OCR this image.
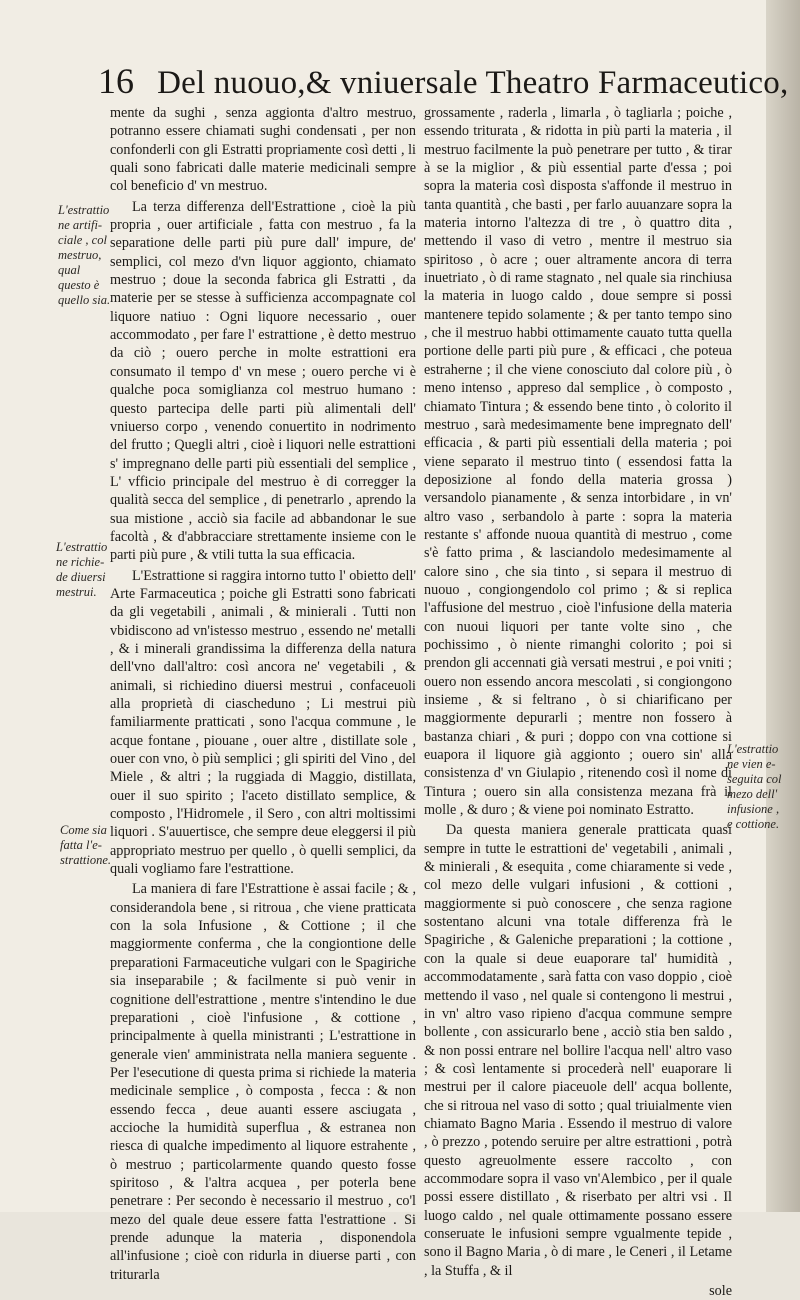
16 Del nuouo,& vniuersale Theatro Farmaceutico,
L'estrattio ne artifi- ciale , col mestruo, qual questo è quello sia.
L'estrattio ne richie- de diuersi mestrui.
Come sia fatta l'e- strattione.
L'estrattio ne vien e- seguita col mezo dell' infusione , e cottione.

mente da sughi , senza aggionta d'altro mestruo, potranno essere chiamati sughi condensati , per non confonderli con gli Estratti propriamente così detti , li quali sono fabricati dalle materie medicinali sempre col beneficio d' vn mestruo.

La terza differenza dell'Estrattione , cioè la più propria , ouer artificiale , fatta con mestruo , fa la separatione delle parti più pure dall' impure, de' semplici, col mezo d'vn liquor aggionto, chiamato mestruo ; doue la seconda fabrica gli Estratti , da materie per se stesse à sufficienza accompagnate col liquore natiuo : Ogni liquore necessario , ouer accommodato , per fare l' estrattione , è detto mestruo da ciò ; ouero perche in molte estrattioni era consumato il tempo d' vn mese ; ouero perche vi è qualche poca somiglianza col mestruo humano : questo partecipa delle parti più alimentali dell' vniuerso corpo , venendo conuertito in nodrimento del frutto ; Quegli altri , cioè i liquori nelle estrattioni s' impregnano delle parti più essentiali del semplice , L' vfficio principale del mestruo è di corregger la qualità secca del semplice , di penetrarlo , aprendo la sua mistione , acciò sia facile ad abbandonar le sue facoltà , & d'abbracciare strettamente insieme con le parti più pure , & vtili tutta la sua efficacia.

L'Estrattione si raggira intorno tutto l' obietto dell' Arte Farmaceutica ; poiche gli Estratti sono fabricati da gli vegetabili , animali , & minierali . Tutti non vbidiscono ad vn'istesso mestruo , essendo ne' metalli , & i minerali grandissima la differenza della natura dell'vno dall'altro: così ancora ne' vegetabili , & animali, si richiedino diuersi mestrui , confaceuoli alla proprietà di ciascheduno ; Li mestrui più familiarmente pratticati , sono l'acqua commune , le acque fontane , piouane , ouer altre , distillate sole , ouer con vno, ò più semplici ; gli spiriti del Vino , del Miele , & altri ; la ruggiada di Maggio, distillata, ouer il suo spirito ; l'aceto distillato semplice, & composto , l'Hidromele , il Sero , con altri moltissimi liquori . S'auuertisce, che sempre deue eleggersi il più appropriato mestruo per quello , ò quelli semplici, da quali vogliamo fare l'estrattione.

La maniera di fare l'Estrattione è assai facile ; & , considerandola bene , si ritroua , che viene pratticata con la sola Infusione , & Cottione ; il che maggiormente conferma , che la congiontione delle preparationi Farmaceutiche vulgari con le Spagiriche sia inseparabile ; & facilmente si può venir in cognitione dell'estrattione , mentre s'intendino le due preparationi , cioè l'infusione , & cottione , principalmente à quella ministranti ; L'estrattione in generale vien' amministrata nella maniera seguente . Per l'esecutione di questa prima si richiede la materia medicinale semplice , ò composta , fecca : & non essendo fecca , deue auanti essere asciugata , accioche la humidità superflua , & estranea non riesca di qualche impedimento al liquore estrahente , ò mestruo ; particolarmente quando questo fosse spiritoso , & l'altra acquea , per poterla bene penetrare : Per secondo è necessario il mestruo , co'l mezo del quale deue essere fatta l'estrattione . Si prende adunque la materia , disponendola all'infusione ; cioè con ridurla in diuerse parti , con triturarla

grossamente , raderla , limarla , ò tagliarla ; poiche , essendo triturata , & ridotta in più parti la materia , il mestruo facilmente la può penetrare per tutto , & tirar à se la miglior , & più essential parte d'essa ; poi sopra la materia così disposta s'affonde il mestruo in tanta quantità , che basti , per farlo auuanzare sopra la materia intorno l'altezza di tre , ò quattro dita , mettendo il vaso di vetro , mentre il mestruo sia spiritoso , ò acre ; ouer altramente ancora di terra inuetriato , ò di rame stagnato , nel quale sia rinchiusa la materia in luogo caldo , doue sempre si possi mantenere tepido solamente ; & per tanto tempo sino , che il mestruo habbi ottimamente cauato tutta quella portione delle parti più pure , & efficaci , che poteua estraherne ; il che viene conosciuto dal colore più , ò meno intenso , appreso dal semplice , ò composto , chiamato Tintura ; & essendo bene tinto , ò colorito il mestruo , sarà medesimamente bene impregnato dell' efficacia , & parti più essentiali della materia ; poi viene separato il mestruo tinto ( essendosi fatta la deposizione al fondo della materia grossa ) versandolo pianamente , & senza intorbidare , in vn' altro vaso , serbandolo à parte : sopra la materia restante s' affonde nuoua quantità di mestruo , come s'è fatto prima , & lasciandolo medesimamente al calore sino , che sia tinto , si separa il mestruo di nuouo , congiongendolo col primo ; & si replica l'affusione del mestruo , cioè l'infusione della materia con nuoui liquori per tante volte sino , che pochissimo , ò niente rimanghi colorito ; poi si prendon gli accennati già versati mestrui , e poi vniti ; ouero non essendo ancora mescolati , si congiongono insieme , & si feltrano , ò si chiarificano per maggiormente depurarli ; mentre non fossero à bastanza chiari , & puri ; doppo con vna cottione si euapora il liquore già aggionto ; ouero sin' alla consistenza d' vn Giulapio , ritenendo così il nome di Tintura ; ouero sin alla consistenza mezana frà il molle , & duro ; & viene poi nominato Estratto.

Da questa maniera generale pratticata quasi sempre in tutte le estrattioni de' vegetabili , animali , & minierali , & esequita , come chiaramente si vede , col mezo delle vulgari infusioni , & cottioni , maggiormente si può conoscere , che senza ragione sostentano alcuni vna totale differenza frà le Spagiriche , & Galeniche preparationi ; la cottione , con la quale si deue euaporare tal' humidità , accommodatamente , sarà fatta con vaso doppio , cioè mettendo il vaso , nel quale si contengono li mestrui , in vn' altro vaso ripieno d'acqua commune sempre bollente , con assicurarlo bene , acciò stia ben saldo , & non possi entrare nel bollire l'acqua nell' altro vaso ; & così lentamente si procederà nell' euaporare li mestrui per il calore piaceuole dell' acqua bollente, che si ritroua nel vaso di sotto ; qual triuialmente vien chiamato Bagno Maria . Essendo il mestruo di valore , ò prezzo , potendo seruire per altre estrattioni , potrà questo agreuolmente essere raccolto , con accommodare sopra il vaso vn'Alembico , per il quale possi essere distillato , & riserbato per altri vsi . Il luogo caldo , nel quale ottimamente possano essere conseruate le infusioni sempre vgualmente tepide , sono il Bagno Maria , ò di mare , le Ceneri , il Letame , la Stuffa , & il

sole
